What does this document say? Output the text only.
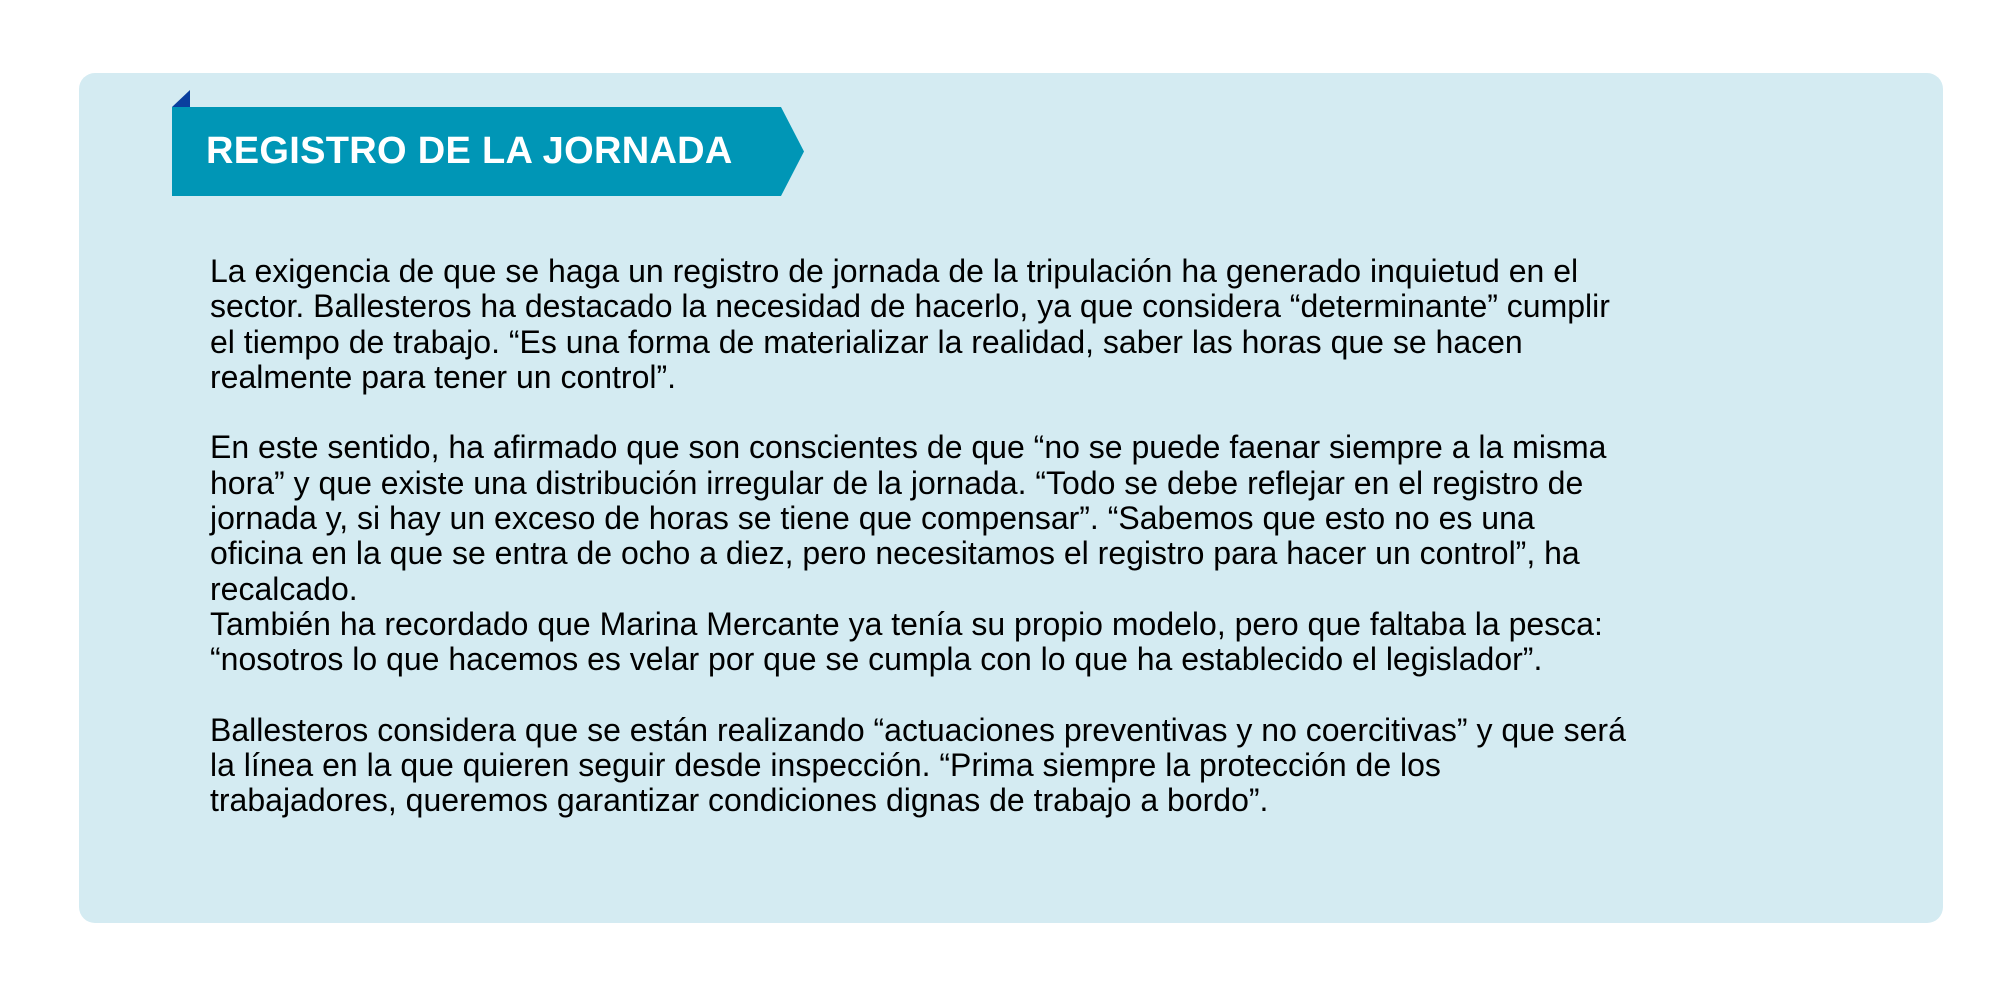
REGISTRO DE LA JORNADA

La exigencia de que se haga un registro de jornada de la tripulación ha generado inquietud en el

sector. Ballesteros ha destacado la necesidad de hacerlo, ya que considera “determinante” cumplir

el tiempo de trabajo. “Es una forma de materializar la realidad, saber las horas que se hacen

realmente para tener un control”.

En este sentido, ha afirmado que son conscientes de que “no se puede faenar siempre a la misma

hora” y que existe una distribución irregular de la jornada. “Todo se debe reflejar en el registro de

jornada y, si hay un exceso de horas se tiene que compensar”. “Sabemos que esto no es una

oficina en la que se entra de ocho a diez, pero necesitamos el registro para hacer un control”, ha

recalcado.

También ha recordado que Marina Mercante ya tenía su propio modelo, pero que faltaba la pesca:

“nosotros lo que hacemos es velar por que se cumpla con lo que ha establecido el legislador”.

Ballesteros considera que se están realizando “actuaciones preventivas y no coercitivas” y que será

la línea en la que quieren seguir desde inspección. “Prima siempre la protección de los

trabajadores, queremos garantizar condiciones dignas de trabajo a bordo”.
